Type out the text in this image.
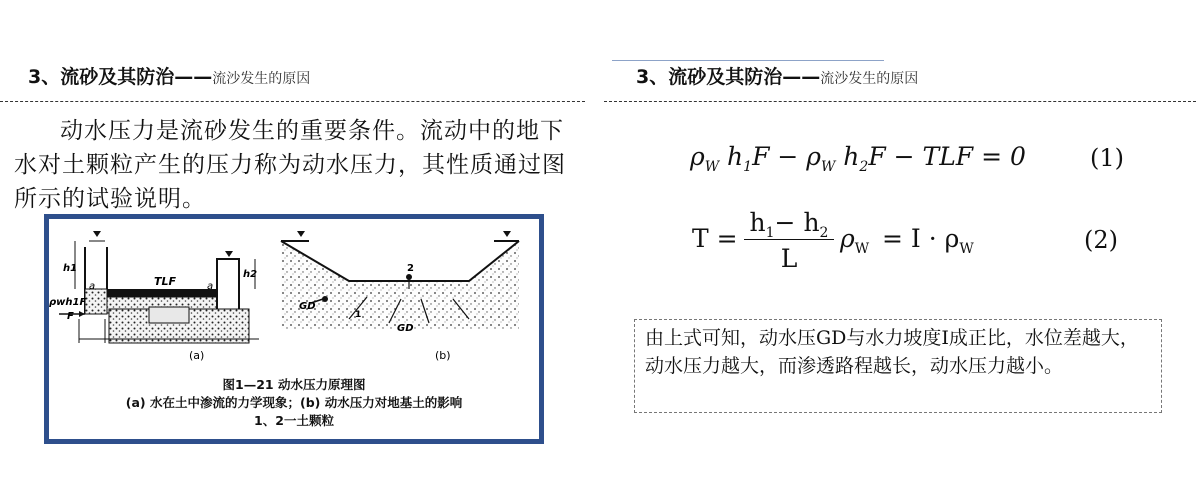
3、流砂及其防治——流沙发生的原因
动水压力是流砂发生的重要条件。流动中的地下水对土颗粒产生的压力称为动水压力，其性质通过图所示的试验说明。
h1
h2
TLF
a	a
ρwh1F
F
(a)
2
1
GD
GD
(b)
图1—21 动水压力原理图
(a) 水在土中渗流的力学现象；(b) 动水压力对地基土的影响
1、2一土颗粒
3、流砂及其防治——流沙发生的原因
$\rho_W$ $h_1F - \rho_W$ $h_2F$ − TLF = 0	(1)
T =
$h_1- h_2$
L
$\rho_W = I \cdot \rho_W$	(2)
由上式可知，动水压GD与水力坡度I成正比，水位差越大，动水压力越大，而渗透路程越长，动水压力越小。
